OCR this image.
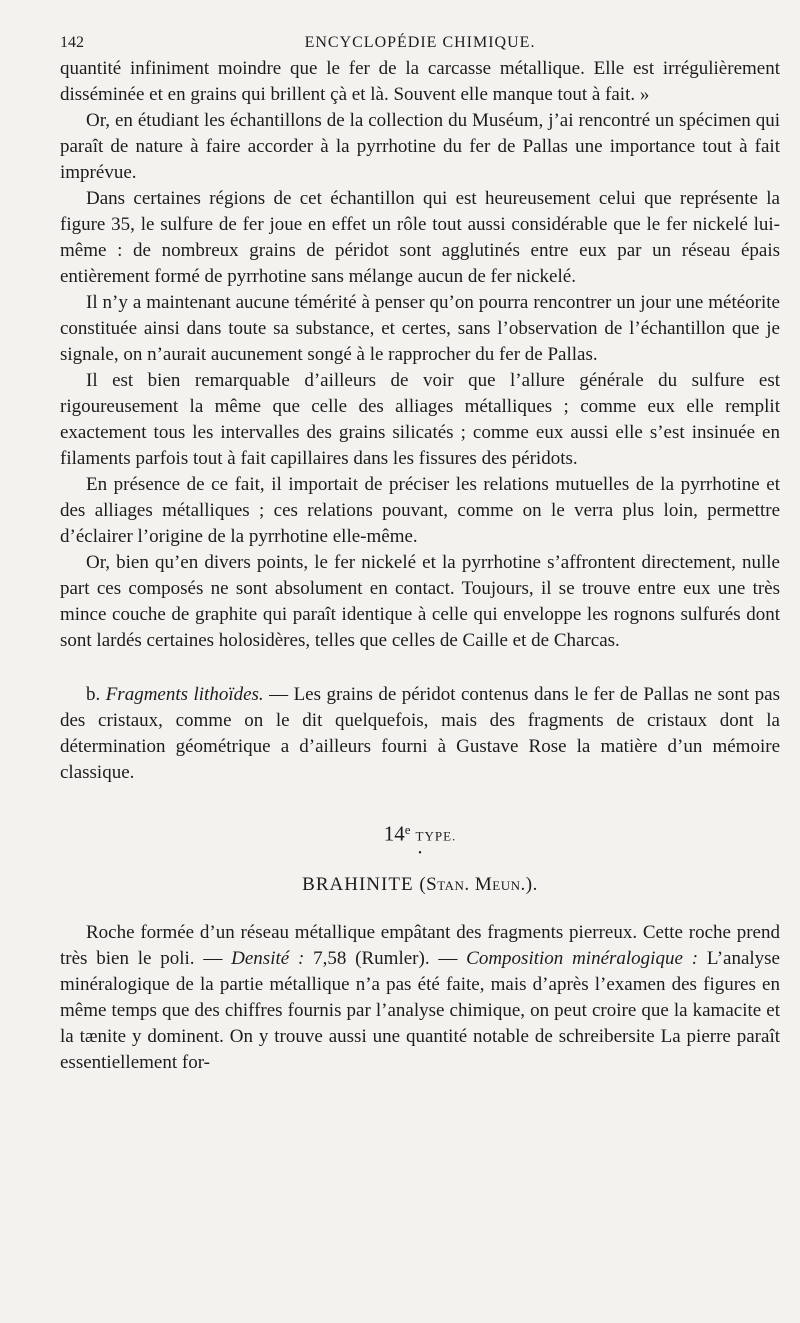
142	ENCYCLOPÉDIE CHIMIQUE.

quantité infiniment moindre que le fer de la carcasse métallique. Elle est irrégulièrement disséminée et en grains qui brillent çà et là. Souvent elle manque tout à fait. »

Or, en étudiant les échantillons de la collection du Muséum, j’ai rencontré un spécimen qui paraît de nature à faire accorder à la pyrrhotine du fer de Pallas une importance tout à fait imprévue.

Dans certaines régions de cet échantillon qui est heureusement celui que représente la figure 35, le sulfure de fer joue en effet un rôle tout aussi considérable que le fer nickelé lui-même : de nombreux grains de péridot sont agglutinés entre eux par un réseau épais entièrement formé de pyrrhotine sans mélange aucun de fer nickelé.

Il n’y a maintenant aucune témérité à penser qu’on pourra rencontrer un jour une météorite constituée ainsi dans toute sa substance, et certes, sans l’observation de l’échantillon que je signale, on n’aurait aucunement songé à le rapprocher du fer de Pallas.

Il est bien remarquable d’ailleurs de voir que l’allure générale du sulfure est rigoureusement la même que celle des alliages métalliques ; comme eux elle remplit exactement tous les intervalles des grains silicatés ; comme eux aussi elle s’est insinuée en filaments parfois tout à fait capillaires dans les fissures des péridots.

En présence de ce fait, il importait de préciser les relations mutuelles de la pyrrhotine et des alliages métalliques ; ces relations pouvant, comme on le verra plus loin, permettre d’éclairer l’origine de la pyrrhotine elle-même.

Or, bien qu’en divers points, le fer nickelé et la pyrrhotine s’affrontent directement, nulle part ces composés ne sont absolument en contact. Toujours, il se trouve entre eux une très mince couche de graphite qui paraît identique à celle qui enveloppe les rognons sulfurés dont sont lardés certaines holosidères, telles que celles de Caille et de Charcas.

b. Fragments lithoïdes. — Les grains de péridot contenus dans le fer de Pallas ne sont pas des cristaux, comme on le dit quelquefois, mais des fragments de cristaux dont la détermination géométrique a d’ailleurs fourni à Gustave Rose la matière d’un mémoire classique.

14e TYPE.
•
BRAHINITE (Stan. Meun.).

Roche formée d’un réseau métallique empâtant des fragments pierreux. Cette roche prend très bien le poli. — Densité : 7,58 (Rumler). — Composition minéralogique : L’analyse minéralogique de la partie métallique n’a pas été faite, mais d’après l’examen des figures en même temps que des chiffres fournis par l’analyse chimique, on peut croire que la kamacite et la tænite y dominent. On y trouve aussi une quantité notable de schreibersite La pierre paraît essentiellement for-
